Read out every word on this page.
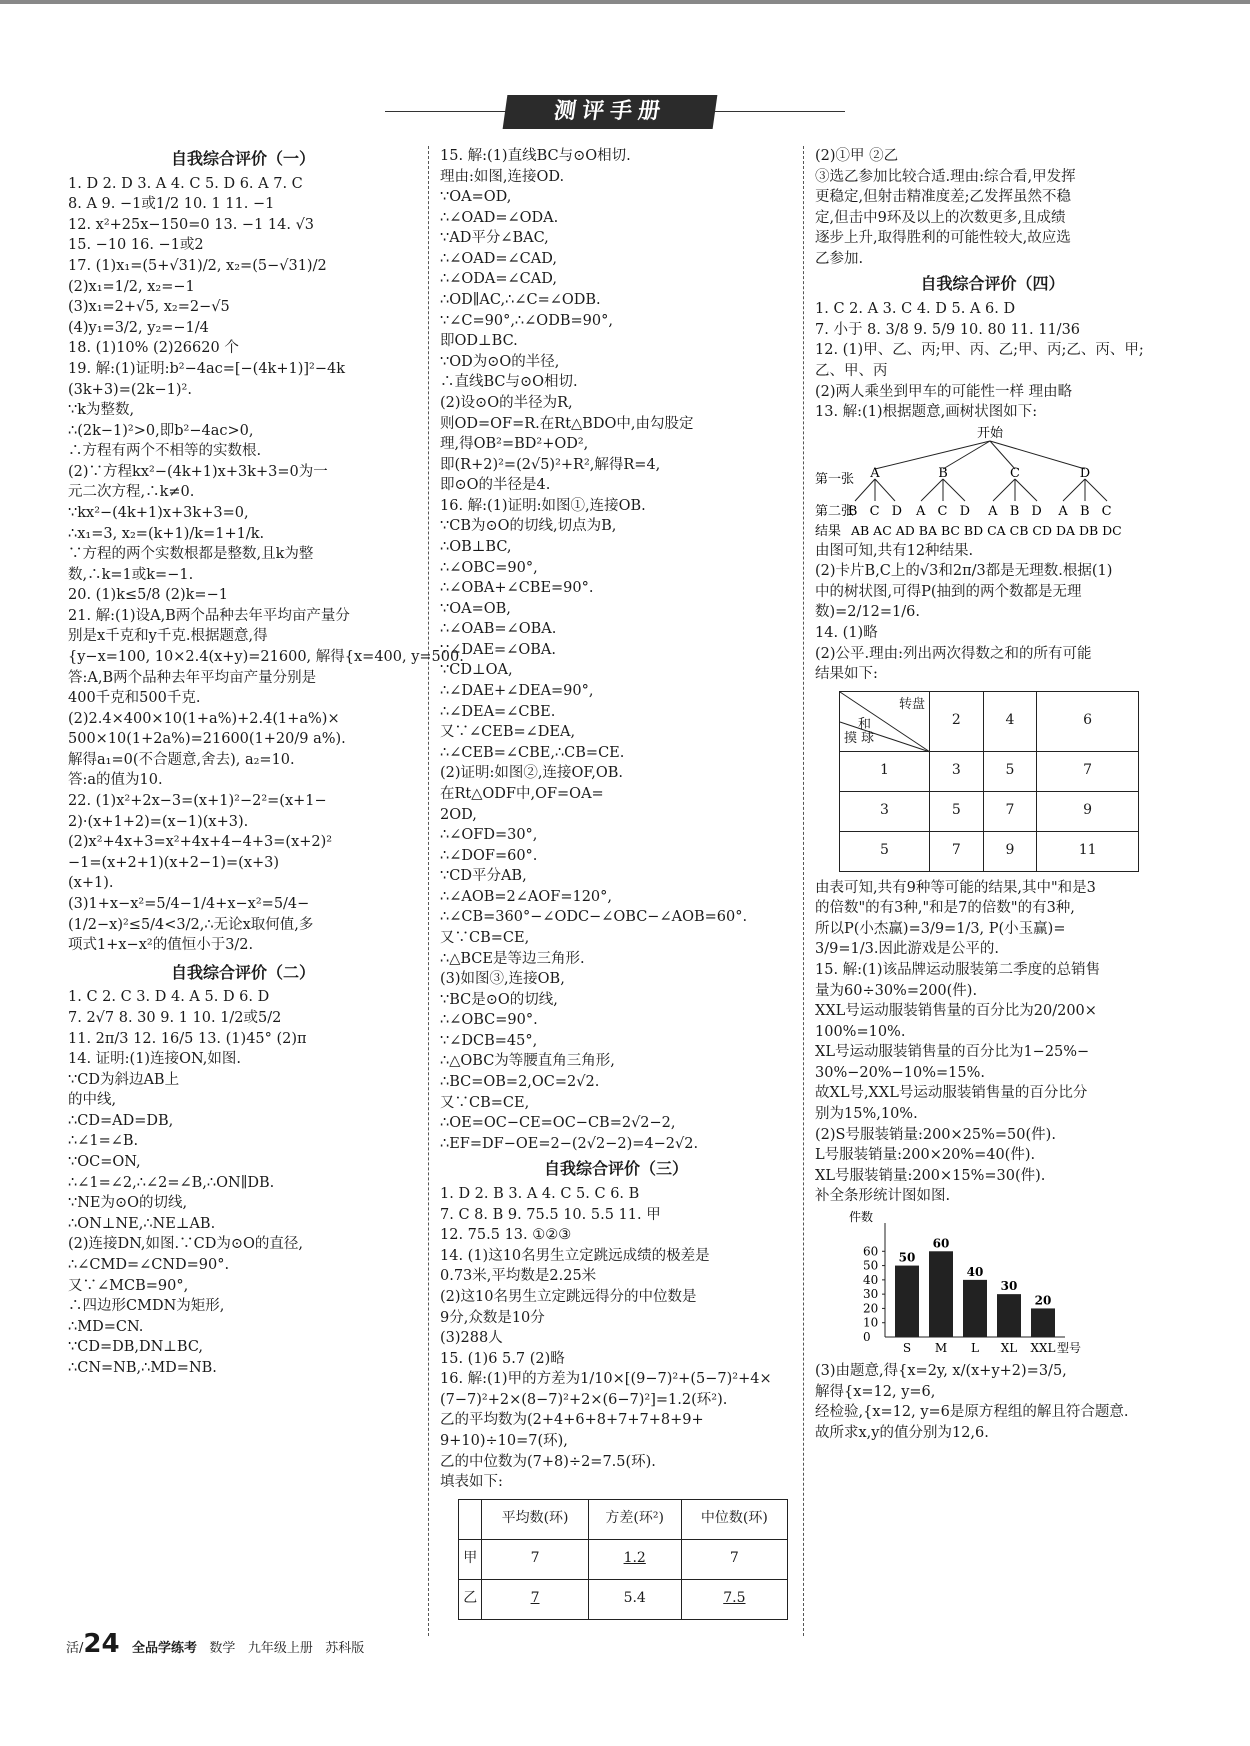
测评手册
自我综合评价（一）
1. D 2. D 3. A 4. C 5. D 6. A 7. C
8. A 9. −1或1/2 10. 1 11. −1
12. x²+25x−150=0 13. −1 14. √3
15. −10 16. −1或2
17. (1)x₁=(5+√31)/2, x₂=(5−√31)/2
(2)x₁=1/2, x₂=−1
(3)x₁=2+√5, x₂=2−√5
(4)y₁=3/2, y₂=−1/4
18. (1)10% (2)26620 个
19. 解:(1)证明:b²−4ac=[−(4k+1)]²−4k
(3k+3)=(2k−1)².
∵k为整数,
∴(2k−1)²>0,即b²−4ac>0,
∴方程有两个不相等的实数根.
(2)∵方程kx²−(4k+1)x+3k+3=0为一
元二次方程,∴k≠0.
∵kx²−(4k+1)x+3k+3=0,
∴x₁=3, x₂=(k+1)/k=1+1/k.
∵方程的两个实数根都是整数,且k为整
数,∴k=1或k=−1.
20. (1)k≤5/8 (2)k=−1
21. 解:(1)设A,B两个品种去年平均亩产量分
别是x千克和y千克.根据题意,得
{y−x=100, 10×2.4(x+y)=21600, 解得{x=400, y=500.
答:A,B两个品种去年平均亩产量分别是
400千克和500千克.
(2)2.4×400×10(1+a%)+2.4(1+a%)×
500×10(1+2a%)=21600(1+20/9 a%).
解得a₁=0(不合题意,舍去), a₂=10.
答:a的值为10.
22. (1)x²+2x−3=(x+1)²−2²=(x+1−
2)·(x+1+2)=(x−1)(x+3).
(2)x²+4x+3=x²+4x+4−4+3=(x+2)²
−1=(x+2+1)(x+2−1)=(x+3)
(x+1).
(3)1+x−x²=5/4−1/4+x−x²=5/4−
(1/2−x)²≤5/4<3/2,∴无论x取何值,多
项式1+x−x²的值恒小于3/2.
自我综合评价（二）
1. C 2. C 3. D 4. A 5. D 6. D
7. 2√7 8. 30 9. 1 10. 1/2或5/2
11. 2π/3 12. 16/5 13. (1)45° (2)π
14. 证明:(1)连接ON,如图.
∵CD为斜边AB上
的中线,
∴CD=AD=DB,
∴∠1=∠B.
∵OC=ON,
∴∠1=∠2,∴∠2=∠B,∴ON∥DB.
∵NE为⊙O的切线,
∴ON⊥NE,∴NE⊥AB.
(2)连接DN,如图.∵CD为⊙O的直径,
∴∠CMD=∠CND=90°.
又∵∠MCB=90°,
∴四边形CMDN为矩形,
∴MD=CN.
∵CD=DB,DN⊥BC,
∴CN=NB,∴MD=NB.
15. 解:(1)直线BC与⊙O相切.
理由:如图,连接OD.
∵OA=OD,
∴∠OAD=∠ODA.
∵AD平分∠BAC,
∴∠OAD=∠CAD,
∴∠ODA=∠CAD,
∴OD∥AC,∴∠C=∠ODB.
∵∠C=90°,∴∠ODB=90°,
即OD⊥BC.
∵OD为⊙O的半径,
∴直线BC与⊙O相切.
(2)设⊙O的半径为R,
则OD=OF=R.在Rt△BDO中,由勾股定
理,得OB²=BD²+OD²,
即(R+2)²=(2√5)²+R²,解得R=4,
即⊙O的半径是4.
16. 解:(1)证明:如图①,连接OB.
∵CB为⊙O的切线,切点为B,
∴OB⊥BC,
∴∠OBC=90°,
∴∠OBA+∠CBE=90°.
∵OA=OB,
∴∠OAB=∠OBA.
∵∠DAE=∠OBA.
∵CD⊥OA,
∴∠DAE+∠DEA=90°,
∴∠DEA=∠CBE.
又∵∠CEB=∠DEA,
∴∠CEB=∠CBE,∴CB=CE.
(2)证明:如图②,连接OF,OB.
在Rt△ODF中,OF=OA=
2OD,
∴∠OFD=30°,
∴∠DOF=60°.
∵CD平分AB,
∴∠AOB=2∠AOF=120°,
∴∠CB=360°−∠ODC−∠OBC−∠AOB=60°.
又∵CB=CE,
∴△BCE是等边三角形.
(3)如图③,连接OB,
∵BC是⊙O的切线,
∴∠OBC=90°.
∵∠DCB=45°,
∴△OBC为等腰直角三角形,
∴BC=OB=2,OC=2√2.
又∵CB=CE,
∴OE=OC−CE=OC−CB=2√2−2,
∴EF=DF−OE=2−(2√2−2)=4−2√2.
自我综合评价（三）
1. D 2. B 3. A 4. C 5. C 6. B
7. C 8. B 9. 75.5 10. 5.5 11. 甲
12. 75.5 13. ①②③
14. (1)这10名男生立定跳远成绩的极差是
0.73米,平均数是2.25米
(2)这10名男生立定跳远得分的中位数是
9分,众数是10分
(3)288人
15. (1)6 5.7 (2)略
16. 解:(1)甲的方差为1/10×[(9−7)²+(5−7)²+4×
(7−7)²+2×(8−7)²+2×(6−7)²]=1.2(环²).
乙的平均数为(2+4+6+8+7+7+8+9+
9+10)÷10=7(环),
乙的中位数为(7+8)÷2=7.5(环).
填表如下:
	平均数(环)	方差(环²)	中位数(环)
甲	7	1.2	7
乙	7	5.4	7.5
(2)①甲 ②乙
③选乙参加比较合适.理由:综合看,甲发挥
更稳定,但射击精准度差;乙发挥虽然不稳
定,但击中9环及以上的次数更多,且成绩
逐步上升,取得胜利的可能性较大,故应选
乙参加.
自我综合评价（四）
1. C 2. A 3. C 4. D 5. A 6. D
7. 小于 8. 3/8 9. 5/9 10. 80 11. 11/36
12. (1)甲、乙、丙;甲、丙、乙;甲、丙;乙、丙、甲;
乙、甲、丙
(2)两人乘坐到甲车的可能性一样 理由略
13. 解:(1)根据题意,画树状图如下:
开始
第一张 A	B	C	D
第二张
B C D A C D A B D A B C
结果 AB AC AD BA BC BD CA CB CD DA DB DC
由图可知,共有12种结果.
(2)卡片B,C上的√3和2π/3都是无理数.根据(1)
中的树状图,可得P(抽到的两个数都是无理
数)=2/12=1/6.
14. (1)略
(2)公平.理由:列出两次得数之和的所有可能
结果如下:
转盘
和
摸 球	2	4	6
1	3	5	7
3	5	7	9
5	7	9	11
由表可知,共有9种等可能的结果,其中"和是3
的倍数"的有3种,"和是7的倍数"的有3种,
所以P(小杰赢)=3/9=1/3, P(小玉赢)=
3/9=1/3.因此游戏是公平的.
15. 解:(1)该品牌运动服装第二季度的总销售
量为60÷30%=200(件).
XXL号运动服装销售量的百分比为20/200×
100%=10%.
XL号运动服装销售量的百分比为1−25%−
30%−20%−10%=15%.
故XL号,XXL号运动服装销售量的百分比分
别为15%,10%.
(2)S号服装销量:200×25%=50(件).
L号服装销量:200×20%=40(件).
XL号服装销量:200×15%=30(件).
补全条形统计图如图.
件数
60
50
40
30
20
10
0
50
S
60
M
40
L
30
XL
20
XXL 型号
(3)由题意,得{x=2y, x/(x+y+2)=3/5,
解得{x=12, y=6,
经检验,{x=12, y=6是原方程组的解且符合题意.
故所求x,y的值分别为12,6.
活/24 全品学练考 数学 九年级上册 苏科版
